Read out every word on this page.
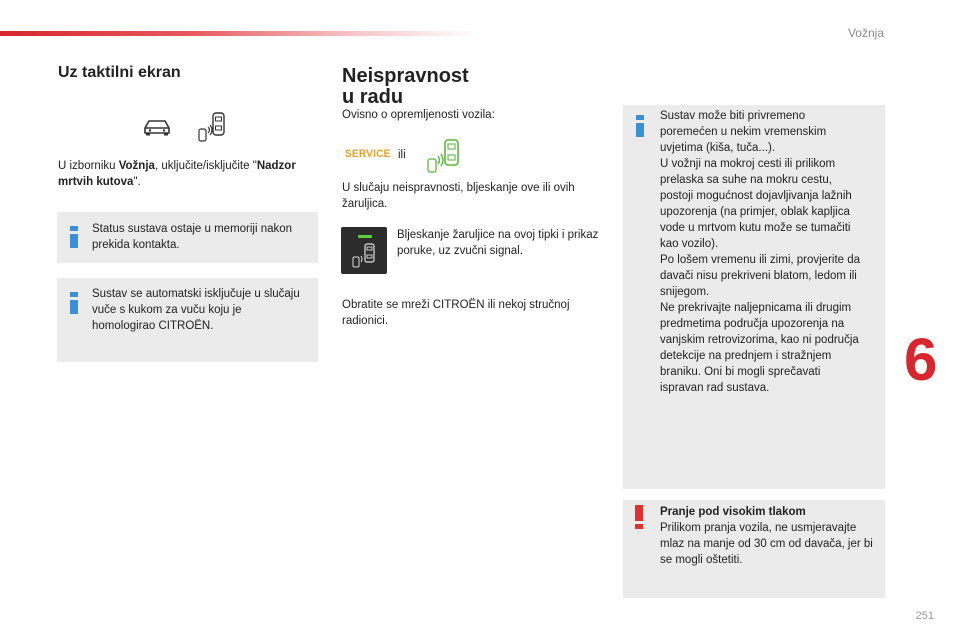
Vožnja
6
251
Uz taktilni ekran
U izborniku Vožnja, uključite/isključite "Nadzor mrtvih kutova".
Status sustava ostaje u memoriji nakon prekida kontakta.
Sustav se automatski isključuje u slučaju vuče s kukom za vuču koju je homologirao CITROËN.
Neispravnost
u radu
Ovisno o opremljenosti vozila:
SERVICE ili
U slučaju neispravnosti, bljeskanje ove ili ovih žaruljica.
Bljeskanje žaruljice na ovoj tipki i prikaz poruke, uz zvučni signal.
Obratite se mreži CITROËN ili nekoj stručnoj radionici.
Sustav može biti privremeno
poremećen u nekim vremenskim
uvjetima (kiša, tuča...).
U vožnji na mokroj cesti ili prilikom
prelaska sa suhe na mokru cestu,
postoji mogućnost dojavljivanja lažnih
upozorenja (na primjer, oblak kapljica
vode u mrtvom kutu može se tumačiti
kao vozilo).
Po lošem vremenu ili zimi, provjerite da
davači nisu prekriveni blatom, ledom ili
snijegom.
Ne prekrivajte naljepnicama ili drugim
predmetima područja upozorenja na
vanjskim retrovizorima, kao ni područja
detekcije na prednjem i stražnjem
braniku. Oni bi mogli sprečavati
ispravan rad sustava.
Pranje pod visokim tlakom
Prilikom pranja vozila, ne usmjeravajte mlaz na manje od 30 cm od davača, jer bi se mogli oštetiti.
